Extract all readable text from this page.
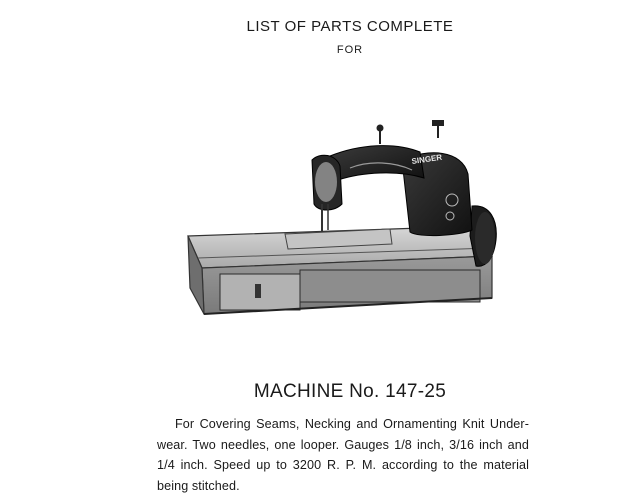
LIST OF PARTS COMPLETE
FOR
SINGER
MACHINE No. 147-25
For Covering Seams, Necking and Ornamenting Knit Under-
wear. Two needles, one looper. Gauges 1/8 inch, 3/16 inch and
1/4 inch. Speed up to 3200 R. P. M. according to the material
being stitched.
